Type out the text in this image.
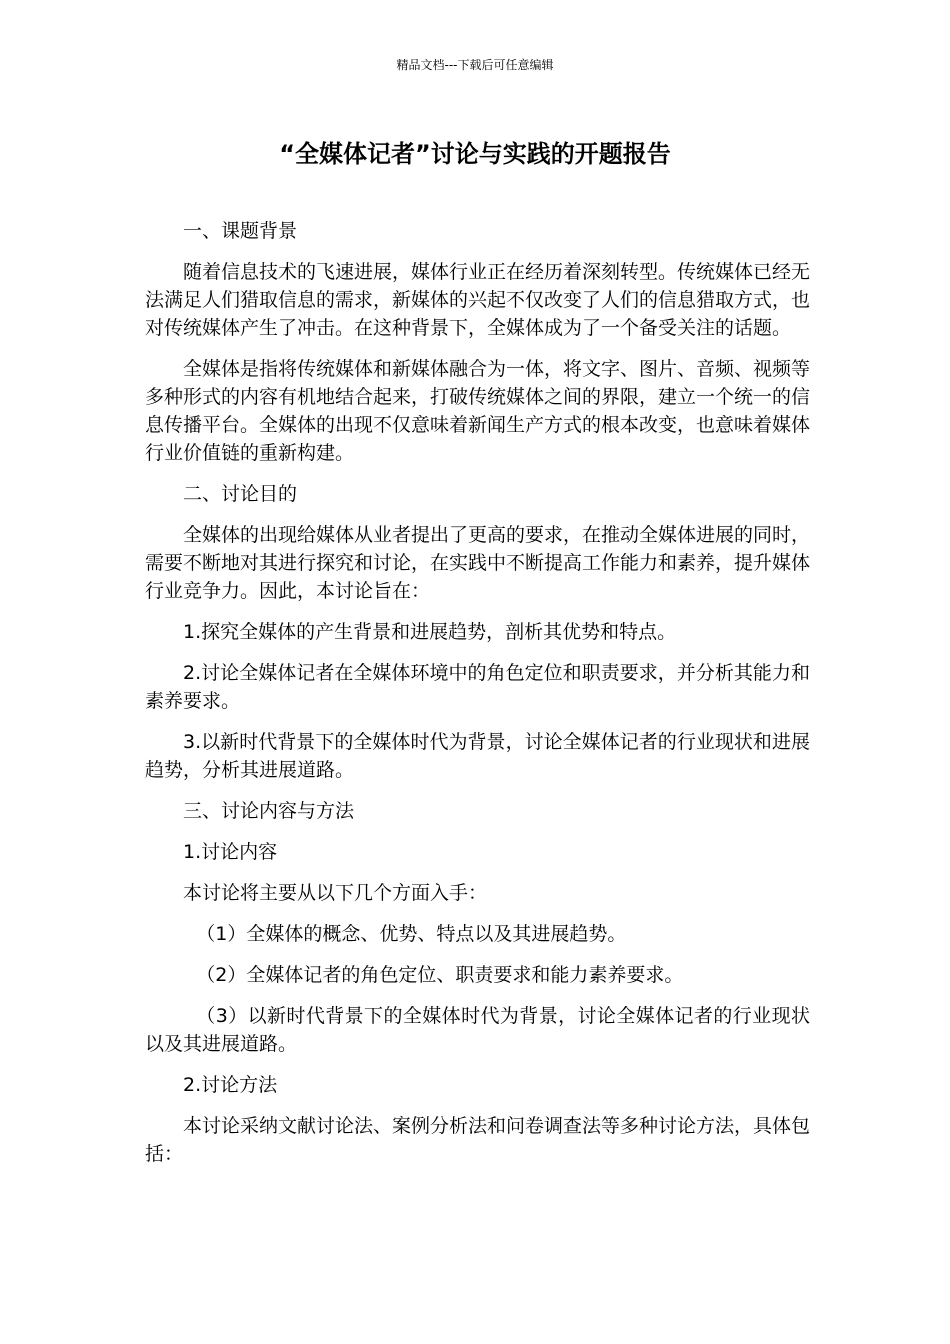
精品文档---下载后可任意编辑
“全媒体记者”讨论与实践的开题报告

一、课题背景

随着信息技术的飞速进展，媒体行业正在经历着深刻转型。传统媒体已经无法满足人们猎取信息的需求，新媒体的兴起不仅改变了人们的信息猎取方式，也对传统媒体产生了冲击。在这种背景下，全媒体成为了一个备受关注的话题。

全媒体是指将传统媒体和新媒体融合为一体，将文字、图片、音频、视频等多种形式的内容有机地结合起来，打破传统媒体之间的界限，建立一个统一的信息传播平台。全媒体的出现不仅意味着新闻生产方式的根本改变，也意味着媒体行业价值链的重新构建。

二、讨论目的

全媒体的出现给媒体从业者提出了更高的要求，在推动全媒体进展的同时，需要不断地对其进行探究和讨论，在实践中不断提高工作能力和素养，提升媒体行业竞争力。因此，本讨论旨在：

1.探究全媒体的产生背景和进展趋势，剖析其优势和特点。

2.讨论全媒体记者在全媒体环境中的角色定位和职责要求，并分析其能力和素养要求。

3.以新时代背景下的全媒体时代为背景，讨论全媒体记者的行业现状和进展趋势，分析其进展道路。

三、讨论内容与方法

1.讨论内容

本讨论将主要从以下几个方面入手：

（1）全媒体的概念、优势、特点以及其进展趋势。

（2）全媒体记者的角色定位、职责要求和能力素养要求。

（3）以新时代背景下的全媒体时代为背景，讨论全媒体记者的行业现状以及其进展道路。

2.讨论方法

本讨论采纳文献讨论法、案例分析法和问卷调查法等多种讨论方法，具体包括：
